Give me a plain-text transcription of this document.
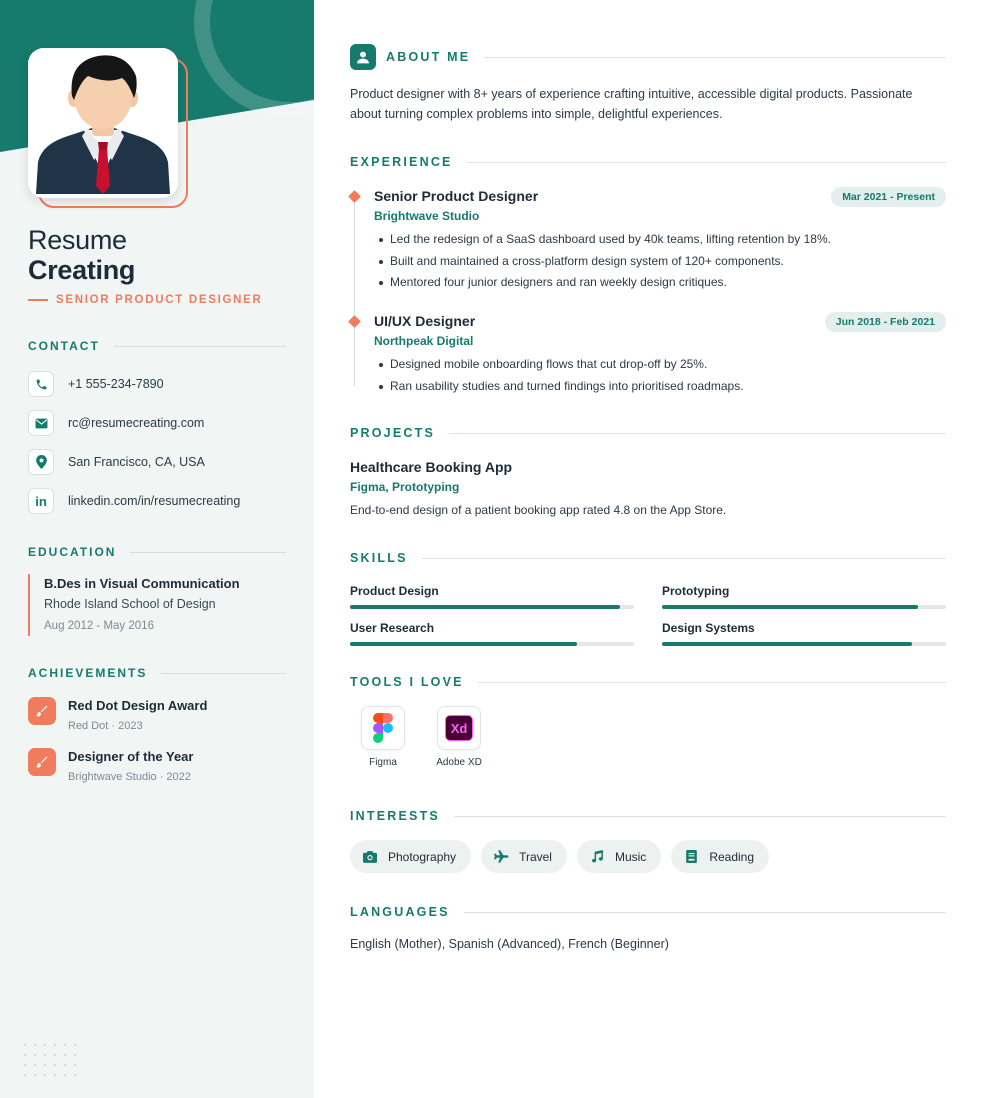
Resume
Creating
SENIOR PRODUCT DESIGNER
CONTACT
+1 555-234-7890
rc@resumecreating.com
San Francisco, CA, USA
in linkedin.com/in/resumecreating
EDUCATION
B.Des in Visual Communication
Rhode Island School of Design
Aug 2012 - May 2016
ACHIEVEMENTS
Red Dot Design Award
Red Dot · 2023
Designer of the Year
Brightwave Studio · 2022
ABOUT ME

Product designer with 8+ years of experience crafting intuitive, accessible digital products. Passionate about turning complex problems into simple, delightful experiences.

EXPERIENCE
Senior Product Designer
Brightwave Studio
Mar 2021 - Present
Led the redesign of a SaaS dashboard used by 40k teams, lifting retention by 18%.
Built and maintained a cross-platform design system of 120+ components.
Mentored four junior designers and ran weekly design critiques.
UI/UX Designer
Northpeak Digital
Jun 2018 - Feb 2021
Designed mobile onboarding flows that cut drop-off by 25%.
Ran usability studies and turned findings into prioritised roadmaps.
PROJECTS
Healthcare Booking App
Figma, Prototyping
End-to-end design of a patient booking app rated 4.8 on the App Store.
SKILLS
Product Design	Prototyping
User Research	Design Systems
TOOLS I LOVE
Figma
Xd
Adobe XD
INTERESTS
Photography	Travel	Music	Reading
LANGUAGES
English (Mother), Spanish (Advanced), French (Beginner)
